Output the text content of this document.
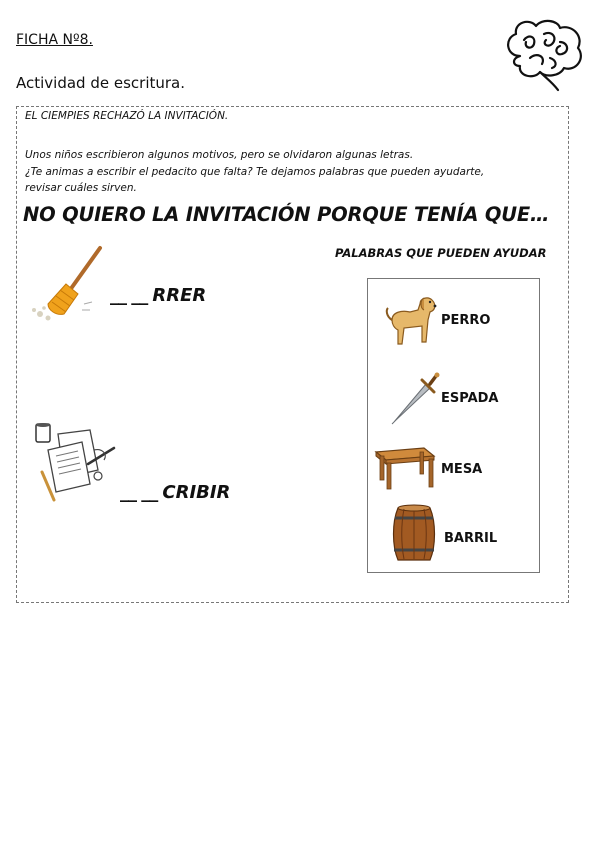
FICHA Nº8.
Actividad de escritura.
EL CIEMPIES RECHAZÓ LA INVITACIÓN.
Unos niños escribieron algunos motivos, pero se olvidaron algunas letras.
¿Te animas a escribir el pedacito que falta? Te dejamos palabras que pueden ayudarte,
revisar cuáles sirven.
NO QUIERO LA INVITACIÓN PORQUE TENÍA QUE…
__ __ RRER
__ __ CRIBIR
PALABRAS QUE PUEDEN AYUDAR
PERRO
ESPADA
MESA
BARRIL
